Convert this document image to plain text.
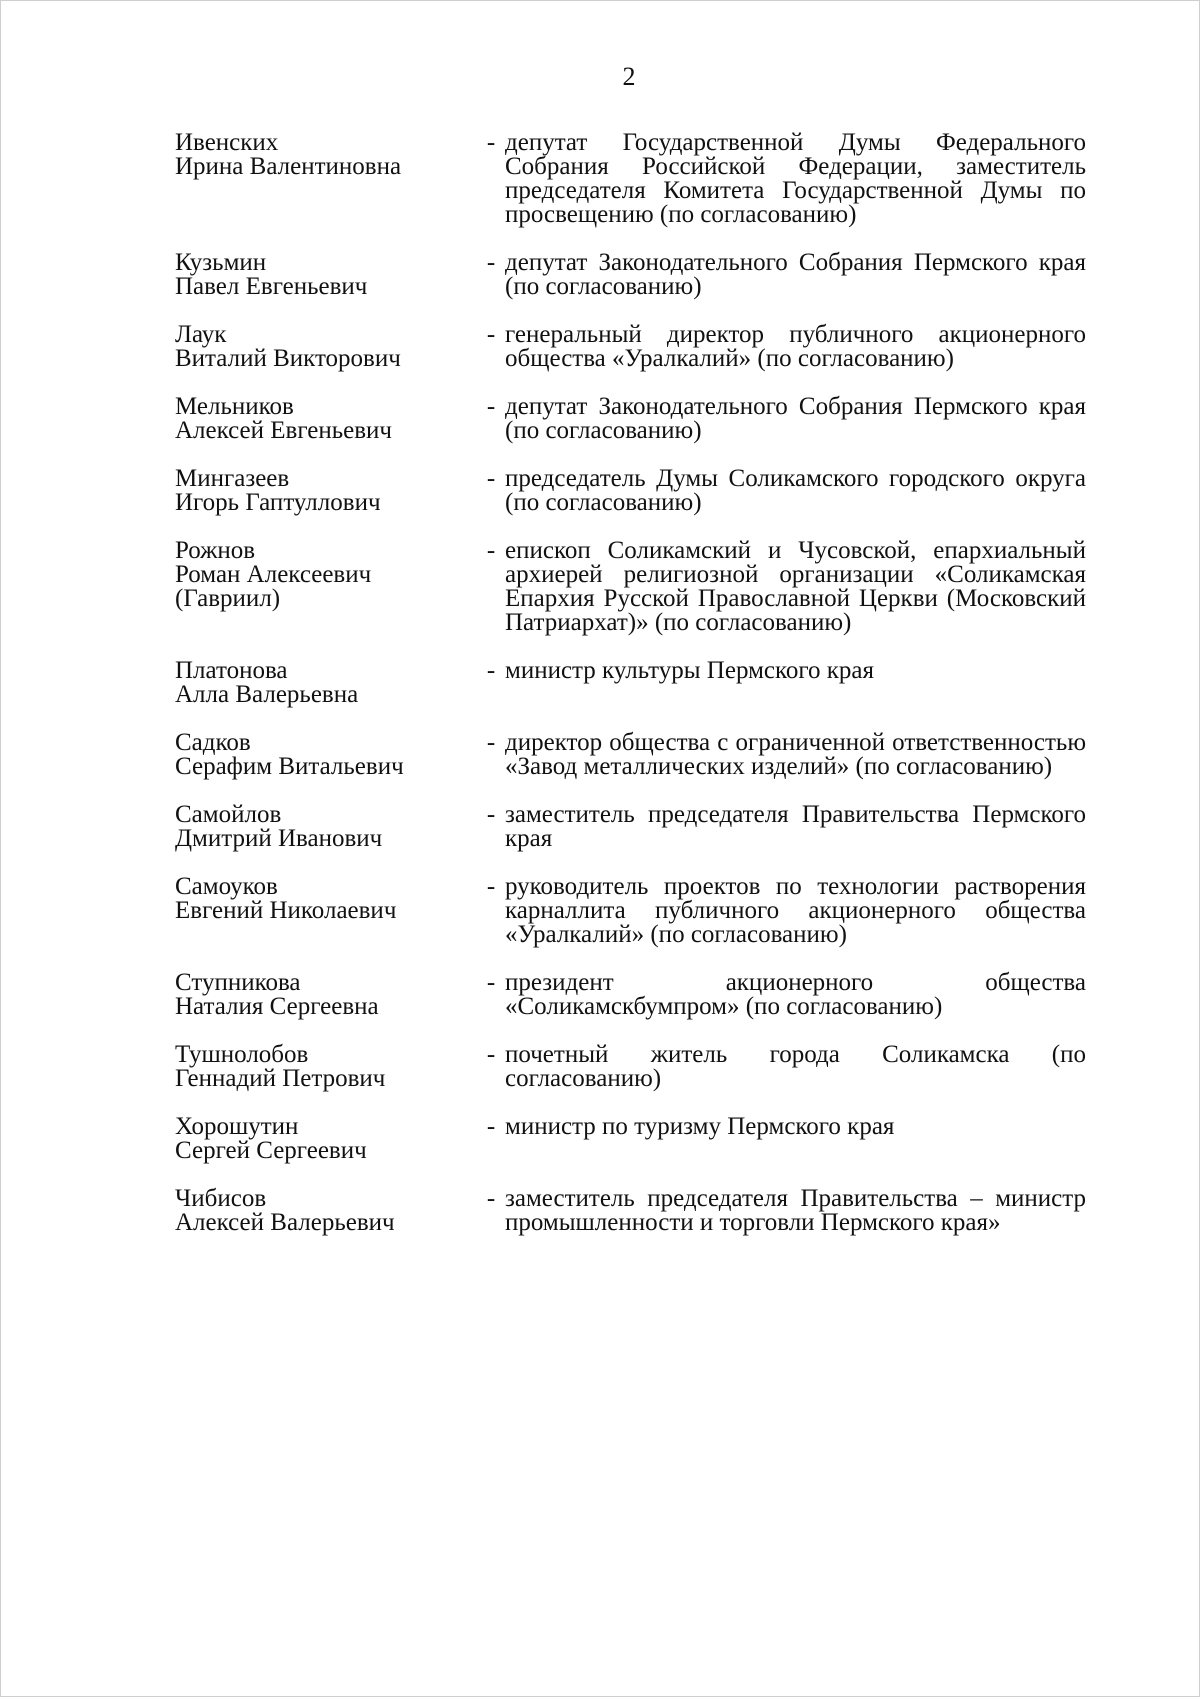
2
Ивенских
Ирина Валентиновна
- депутат Государственной Думы Федерального Собрания Российской Федерации, заместитель председателя Комитета Государственной Думы по просвещению (по согласованию)
Кузьмин
Павел Евгеньевич
- депутат Законодательного Собрания Пермского края (по согласованию)
Лаук
Виталий Викторович
- генеральный директор публичного акционерного общества «Уралкалий» (по согласованию)
Мельников
Алексей Евгеньевич
- депутат Законодательного Собрания Пермского края (по согласованию)
Мингазеев
Игорь Гаптуллович
- председатель Думы Соликамского городского округа (по согласованию)
Рожнов
Роман Алексеевич
(Гавриил)
- епископ Соликамский и Чусовской, епархиальный архиерей религиозной организации «Соликамская Епархия Русской Православной Церкви (Московский Патриархат)» (по согласованию)
Платонова
Алла Валерьевна
- министр культуры Пермского края
Садков
Серафим Витальевич
- директор общества с ограниченной ответственностью «Завод металлических изделий» (по согласованию)
Самойлов
Дмитрий Иванович
- заместитель председателя Правительства Пермского края
Самоуков
Евгений Николаевич
- руководитель проектов по технологии растворения карналлита публичного акционерного общества «Уралкалий» (по согласованию)
Ступникова
Наталия Сергеевна
- президент акционерного общества «Соликамскбумпром» (по согласованию)
Тушнолобов
Геннадий Петрович
- почетный житель города Соликамска (по согласованию)
Хорошутин
Сергей Сергеевич
- министр по туризму Пермского края
Чибисов
Алексей Валерьевич
- заместитель председателя Правительства – министр промышленности и торговли Пермского края»
